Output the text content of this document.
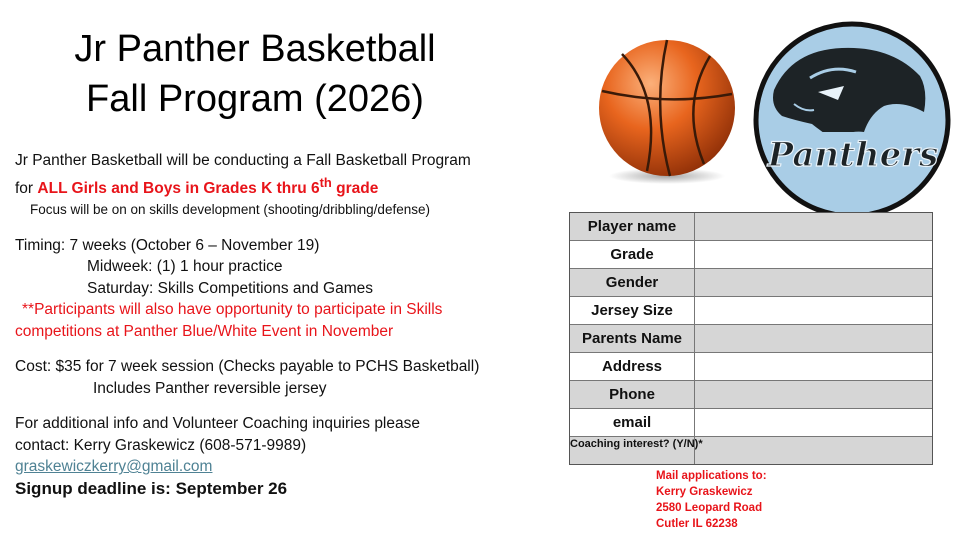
Jr Panther Basketball
Fall Program (2026)
Jr Panther Basketball will be conducting a Fall Basketball Program
for ALL Girls and Boys in Grades K thru 6th grade
Focus will be on on skills development (shooting/dribbling/defense)
Timing: 7 weeks (October 6 – November 19)
Midweek: (1) 1 hour practice
Saturday: Skills Competitions and Games
**Participants will also have opportunity to participate in Skills
competitions at Panther Blue/White Event in November
Cost: $35 for 7 week session (Checks payable to PCHS Basketball)
Includes Panther reversible jersey
For additional info and Volunteer Coaching inquiries please
contact: Kerry Graskewicz (608-571-9989)
graskewiczkerry@gmail.com
Signup deadline is: September 26
Panthers
Player name
Grade
Gender
Jersey Size
Parents Name
Address
Phone
email
Coaching interest? (Y/N)*
Mail applications to:
Kerry Graskewicz
2580 Leopard Road
Cutler IL 62238
